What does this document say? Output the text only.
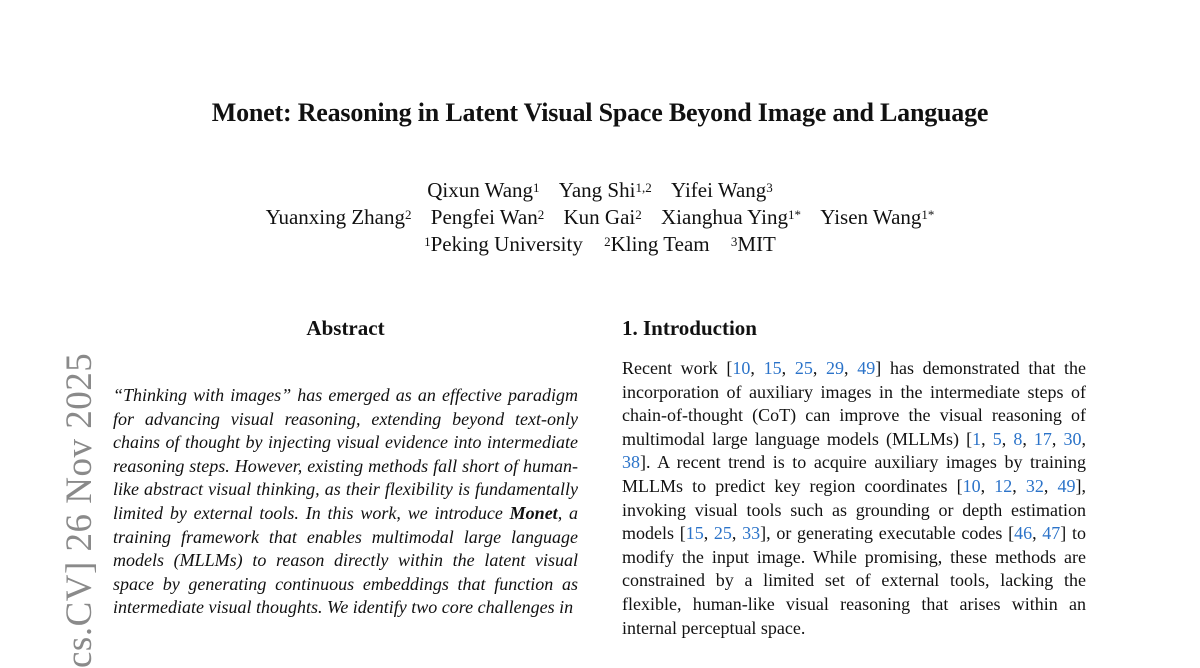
cs.CV] 26 Nov 2025
Monet: Reasoning in Latent Visual Space Beyond Image and Language
Qixun Wang$^1$ Yang Shi$^{1,2}$ Yifei Wang$^3$
Yuanxing Zhang$^2$ Pengfei Wan$^2$ Kun Gai$^2$ Xianghua Ying$^{1*}$ Yisen Wang$^{1*}$
$^1$Peking University $^2$Kling Team $^3$MIT
Abstract

“Thinking with images” has emerged as an effective paradigm for advancing visual reasoning, extending beyond text-only chains of thought by injecting visual evidence into intermediate reasoning steps. However, existing methods fall short of human-like abstract visual thinking, as their flexibility is fundamentally limited by external tools. In this work, we introduce Monet, a training framework that enables multimodal large language models (MLLMs) to reason directly within the latent visual space by generating continuous embeddings that function as intermediate visual thoughts. We identify two core challenges in

1. Introduction

Recent work [10, 15, 25, 29, 49] has demonstrated that the incorporation of auxiliary images in the intermediate steps of chain-of-thought (CoT) can improve the visual reasoning of multimodal large language models (MLLMs) [1, 5, 8, 17, 30, 38]. A recent trend is to acquire auxiliary images by training MLLMs to predict key region coordinates [10, 12, 32, 49], invoking visual tools such as grounding or depth estimation models [15, 25, 33], or generating executable codes [46, 47] to modify the input image. While promising, these methods are constrained by a limited set of external tools, lacking the flexible, human-like visual reasoning that arises within an internal perceptual space.
